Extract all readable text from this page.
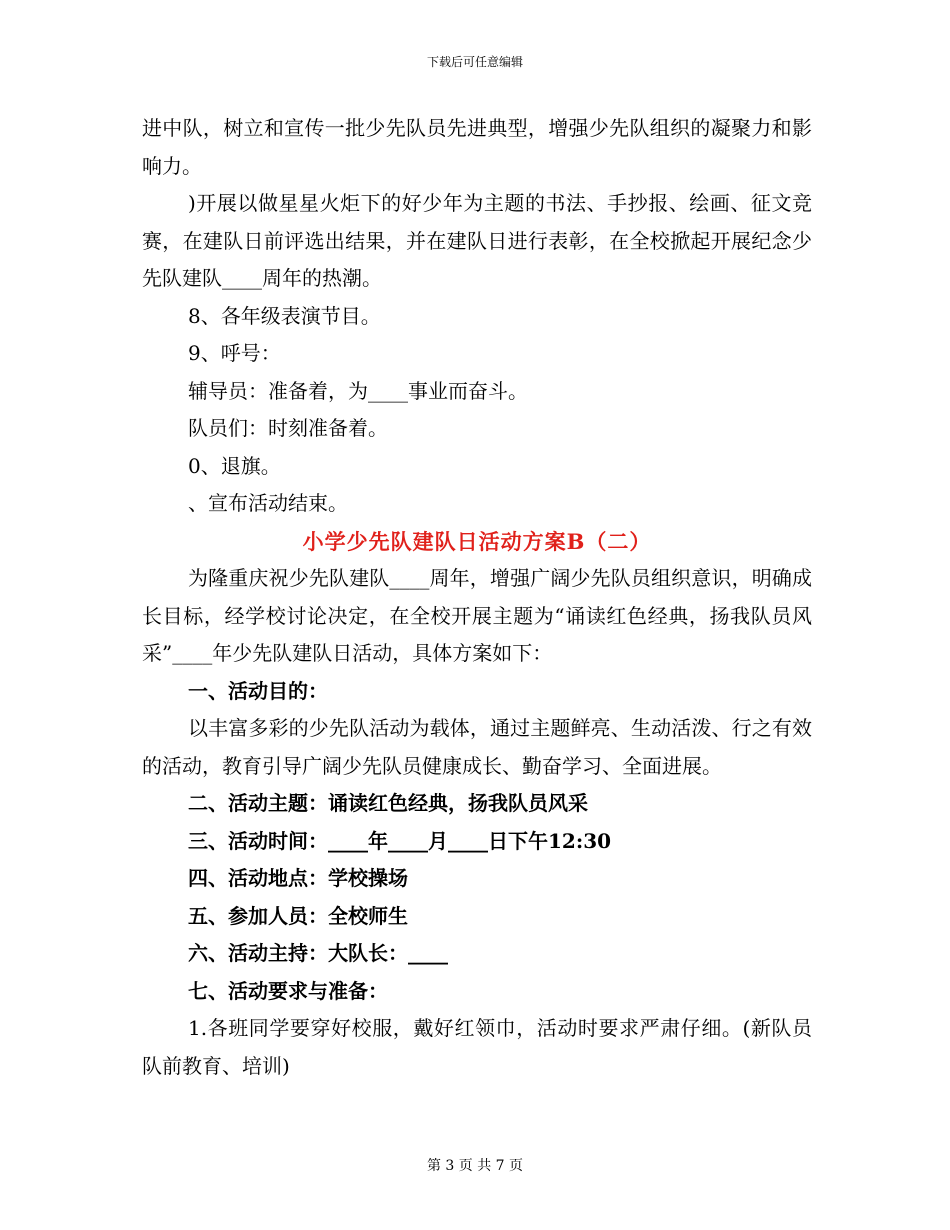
下载后可任意编辑

进中队，树立和宣传一批少先队员先进典型，增强少先队组织的凝聚力和影响力。

)开展以做星星火炬下的好少年为主题的书法、手抄报、绘画、征文竞赛，在建队日前评选出结果，并在建队日进行表彰，在全校掀起开展纪念少先队建队____周年的热潮。

8、各年级表演节目。

9、呼号：

辅导员：准备着，为____事业而奋斗。

队员们：时刻准备着。

0、退旗。

、宣布活动结束。

小学少先队建队日活动方案B（二）

为隆重庆祝少先队建队____周年，增强广阔少先队员组织意识，明确成长目标，经学校讨论决定，在全校开展主题为“诵读红色经典，扬我队员风采”____年少先队建队日活动，具体方案如下：

一、活动目的：

以丰富多彩的少先队活动为载体，通过主题鲜亮、生动活泼、行之有效的活动，教育引导广阔少先队员健康成长、勤奋学习、全面进展。

二、活动主题：诵读红色经典，扬我队员风采

三、活动时间：____年____月____日下午12:30

四、活动地点：学校操场

五、参加人员：全校师生

六、活动主持：大队长：____

七、活动要求与准备：

1.各班同学要穿好校服，戴好红领巾，活动时要求严肃仔细。(新队员队前教育、培训)

第 3 页 共 7 页
